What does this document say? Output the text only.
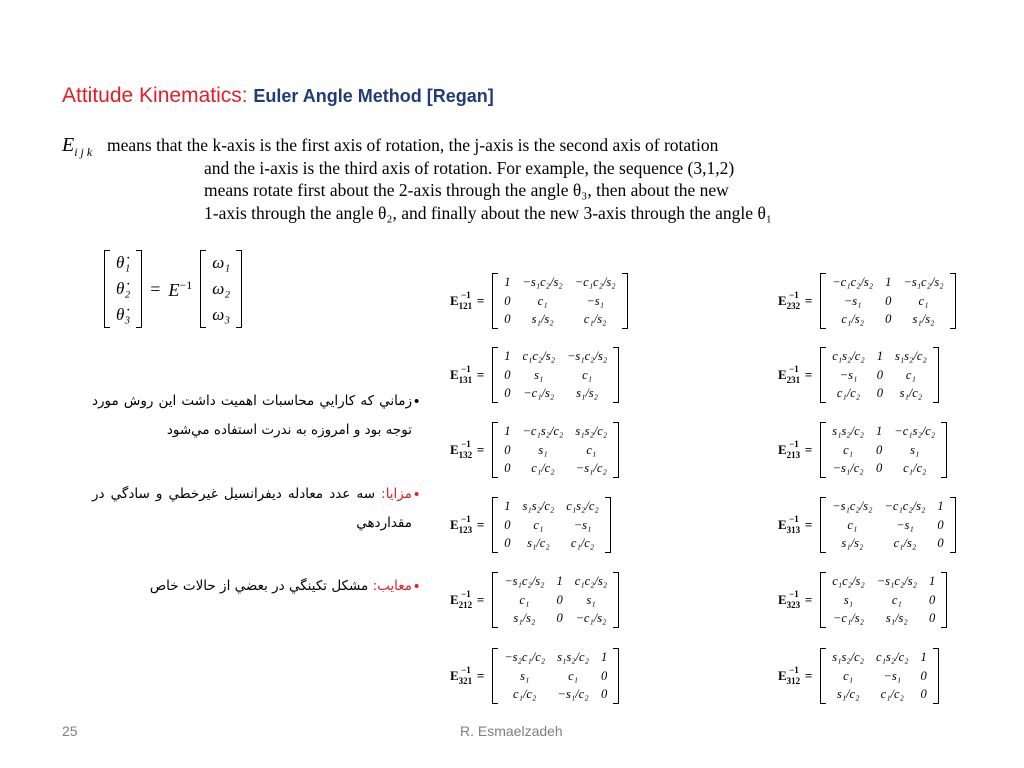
Attitude Kinematics: Euler Angle Method [Regan]
$E_{i j k}$ means that the k-axis is the first axis of rotation, the j-axis is the second axis of rotation
and the i-axis is the third axis of rotation. For example, the sequence (3,1,2)
means rotate first about the 2-axis through the angle θ₃, then about the new
1-axis through the angle θ₂, and finally about the new 3-axis through the angle θ₁
θ̇₁
θ̇₂
θ̇₃
= $E^{-1}$
ω₁
ω₂
ω₃
•
زماني كه كارايي محاسبات اهميت داشت اين روش مورد توجه بود و امروزه به ندرت استفاده مي‌شود
•
مزايا: سه عدد معادله ديفرانسيل غيرخطي و سادگي در مقداردهي
•
معايب: مشكل تكينگي در بعضي از حالات خاص
E 121
−1 =
1	−s₁c₂/s₂	−c₁c₂/s₂
0	c₁	−s₁
0	s₁/s₂	c₁/s₂
E 232
−1 =
−c₁c₂/s₂	1	−s₁c₂/s₂
−s₁	0	c₁
c₁/s₂	0	s₁/s₂
E 131
−1 =
1	c₁c₂/s₂	−s₁c₂/s₂
0	s₁	c₁
0	−c₁/s₂	s₁/s₂
E 231
−1 =
c₁s₂/c₂	1	s₁s₂/c₂
−s₁	0	c₁
c₁/c₂	0	s₁/c₂
E 132
−1 =
1	−c₁s₂/c₂	s₁s₂/c₂
0	s₁	c₁
0	c₁/c₂	−s₁/c₂
E 213
−1 =
s₁s₂/c₂	1	−c₁s₂/c₂
c₁	0	s₁
−s₁/c₂	0	c₁/c₂
E 123
−1 =
1	s₁s₂/c₂	c₁s₂/c₂
0	c₁	−s₁
0	s₁/c₂	c₁/c₂
E 313
−1 =
−s₁c₂/s₂	−c₁c₂/s₂	1
c₁	−s₁	0
s₁/s₂	c₁/s₂	0
E 212
−1 =
−s₁c₂/s₂	1	c₁c₂/s₂
c₁	0	s₁
s₁/s₂	0	−c₁/s₂
E 323
−1 =
c₁c₂/s₂	−s₁c₂/s₂	1
s₁	c₁	0
−c₁/s₂	s₁/s₂	0
E 321
−1 =
−s₂c₁/c₂	s₁s₂/c₂	1
s₁	c₁	0
c₁/c₂	−s₁/c₂	0
E 312
−1 =
s₁s₂/c₂	c₁s₂/c₂	1
c₁	−s₁	0
s₁/c₂	c₁/c₂	0
25	R. Esmaelzadeh
